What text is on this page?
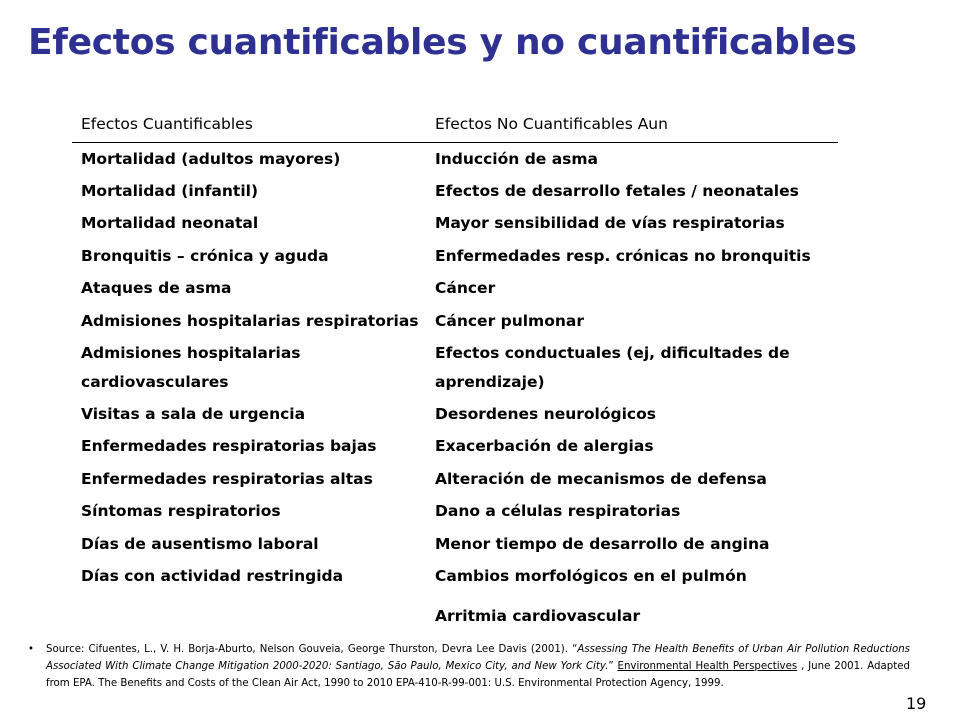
Efectos cuantificables y no cuantificables
Efectos Cuantificables	Efectos No Cuantificables Aun
Mortalidad (adultos mayores)	Inducción de asma
Mortalidad (infantil)	Efectos de desarrollo fetales / neonatales
Mortalidad neonatal	Mayor sensibilidad de vías respiratorias
Bronquitis – crónica y aguda	Enfermedades resp. crónicas no bronquitis
Ataques de asma	Cáncer
Admisiones hospitalarias respiratorias	Cáncer pulmonar
Admisiones hospitalarias cardiovasculares	Efectos conductuales (ej, dificultades de aprendizaje)
Visitas a sala de urgencia	Desordenes neurológicos
Enfermedades respiratorias bajas	Exacerbación de alergias
Enfermedades respiratorias altas	Alteración de mecanismos de defensa
Síntomas respiratorios	Dano a células respiratorias
Días de ausentismo laboral	Menor tiempo de desarrollo de angina
Días con actividad restringida	Cambios morfológicos en el pulmón
	Arritmia cardiovascular
• Source: Cifuentes, L., V. H. Borja-Aburto, Nelson Gouveia, George Thurston, Devra Lee Davis (2001). “Assessing The Health Benefits of Urban Air Pollution Reductions Associated With Climate Change Mitigation 2000-2020: Santiago, São Paulo, Mexico City, and New York City.” Environmental Health Perspectives , June 2001. Adapted from EPA. The Benefits and Costs of the Clean Air Act, 1990 to 2010 EPA-410-R-99-001: U.S. Environmental Protection Agency, 1999.
19
